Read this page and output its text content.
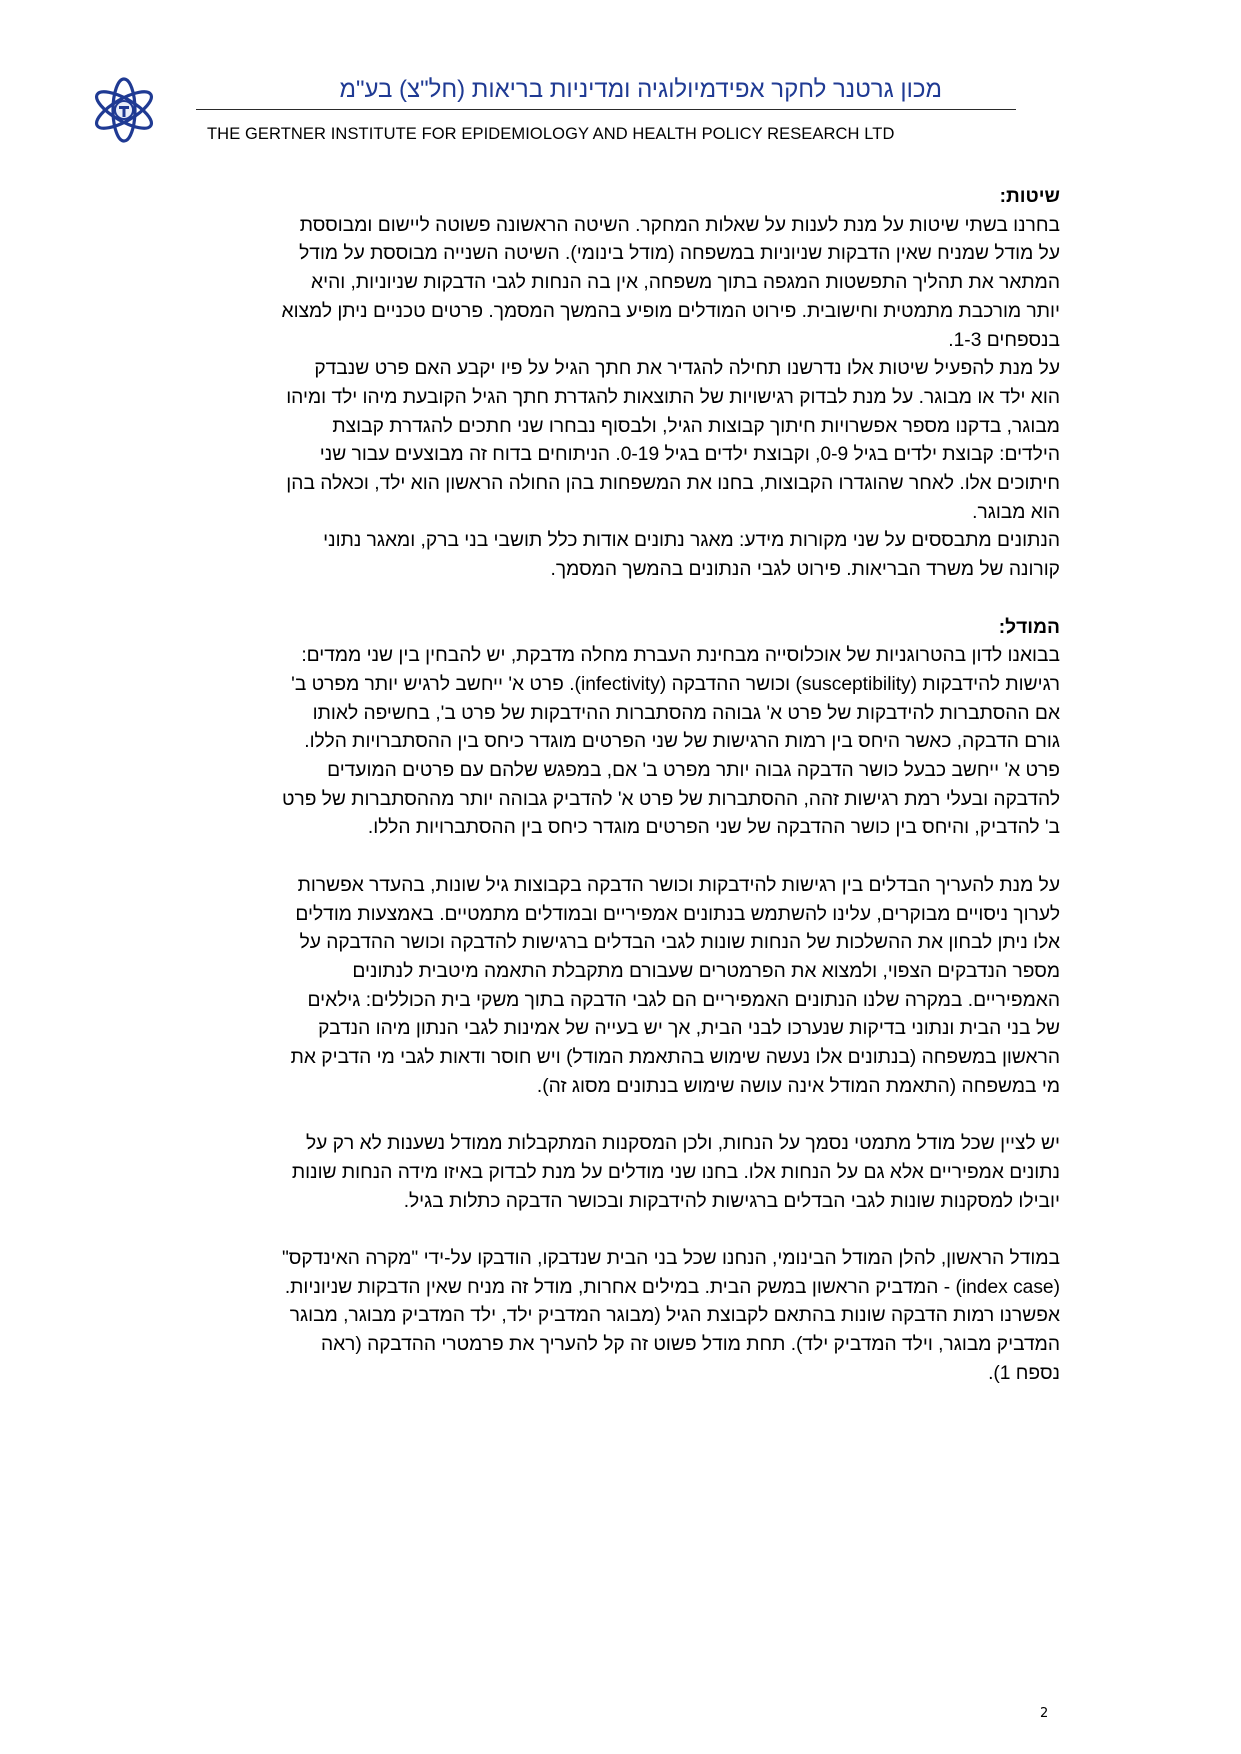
מכון גרטנר לחקר אפידמיולוגיה ומדיניות בריאות (חל"צ) בע"מ
THE GERTNER INSTITUTE FOR EPIDEMIOLOGY AND HEALTH POLICY RESEARCH LTD

שיטות:

בחרנו בשתי שיטות על מנת לענות על שאלות המחקר. השיטה הראשונה פשוטה ליישום ומבוססת על מודל שמניח שאין הדבקות שניוניות במשפחה (מודל בינומי). השיטה השנייה מבוססת על מודל המתאר את תהליך התפשטות המגפה בתוך משפחה, אין בה הנחות לגבי הדבקות שניוניות, והיא יותר מורכבת מתמטית וחישובית. פירוט המודלים מופיע בהמשך המסמך. פרטים טכניים ניתן למצוא בנספחים 1-3.

על מנת להפעיל שיטות אלו נדרשנו תחילה להגדיר את חתך הגיל על פיו יקבע האם פרט שנבדק הוא ילד או מבוגר. על מנת לבדוק רגישויות של התוצאות להגדרת חתך הגיל הקובעת מיהו ילד ומיהו מבוגר, בדקנו מספר אפשרויות חיתוך קבוצות הגיל, ולבסוף נבחרו שני חתכים להגדרת קבוצת הילדים: קבוצת ילדים בגיל 0-9, וקבוצת ילדים בגיל 0-19. הניתוחים בדוח זה מבוצעים עבור שני חיתוכים אלו. לאחר שהוגדרו הקבוצות, בחנו את המשפחות בהן החולה הראשון הוא ילד, וכאלה בהן הוא מבוגר.

הנתונים מתבססים על שני מקורות מידע: מאגר נתונים אודות כלל תושבי בני ברק, ומאגר נתוני קורונה של משרד הבריאות. פירוט לגבי הנתונים בהמשך המסמך.

המודל:

בבואנו לדון בהטרוגניות של אוכלוסייה מבחינת העברת מחלה מדבקת, יש להבחין בין שני ממדים: רגישות להידבקות (susceptibility) וכושר ההדבקה (infectivity). פרט א' ייחשב לרגיש יותר מפרט ב' אם ההסתברות להידבקות של פרט א' גבוהה מהסתברות ההידבקות של פרט ב', בחשיפה לאותו גורם הדבקה, כאשר היחס בין רמות הרגישות של שני הפרטים מוגדר כיחס בין ההסתברויות הללו. פרט א' ייחשב כבעל כושר הדבקה גבוה יותר מפרט ב' אם, במפגש שלהם עם פרטים המועדים להדבקה ובעלי רמת רגישות זהה, ההסתברות של פרט א' להדביק גבוהה יותר מההסתברות של פרט ב' להדביק, והיחס בין כושר ההדבקה של שני הפרטים מוגדר כיחס בין ההסתברויות הללו.

על מנת להעריך הבדלים בין רגישות להידבקות וכושר הדבקה בקבוצות גיל שונות, בהעדר אפשרות לערוך ניסויים מבוקרים, עלינו להשתמש בנתונים אמפיריים ובמודלים מתמטיים. באמצעות מודלים אלו ניתן לבחון את ההשלכות של הנחות שונות לגבי הבדלים ברגישות להדבקה וכושר ההדבקה על מספר הנדבקים הצפוי, ולמצוא את הפרמטרים שעבורם מתקבלת התאמה מיטבית לנתונים האמפיריים. במקרה שלנו הנתונים האמפיריים הם לגבי הדבקה בתוך משקי בית הכוללים: גילאים של בני הבית ונתוני בדיקות שנערכו לבני הבית, אך יש בעייה של אמינות לגבי הנתון מיהו הנדבק הראשון במשפחה (בנתונים אלו נעשה שימוש בהתאמת המודל) ויש חוסר ודאות לגבי מי הדביק את מי במשפחה (התאמת המודל אינה עושה שימוש בנתונים מסוג זה).

יש לציין שכל מודל מתמטי נסמך על הנחות, ולכן המסקנות המתקבלות ממודל נשענות לא רק על נתונים אמפיריים אלא גם על הנחות אלו. בחנו שני מודלים על מנת לבדוק באיזו מידה הנחות שונות יובילו למסקנות שונות לגבי הבדלים ברגישות להידבקות ובכושר הדבקה כתלות בגיל.

במודל הראשון, להלן המודל הבינומי, הנחנו שכל בני הבית שנדבקו, הודבקו על-ידי "מקרה האינדקס" (index case) - המדביק הראשון במשק הבית. במילים אחרות, מודל זה מניח שאין הדבקות שניוניות. אפשרנו רמות הדבקה שונות בהתאם לקבוצת הגיל (מבוגר המדביק ילד, ילד המדביק מבוגר, מבוגר המדביק מבוגר, וילד המדביק ילד). תחת מודל פשוט זה קל להעריך את פרמטרי ההדבקה (ראה נספח 1).

2
